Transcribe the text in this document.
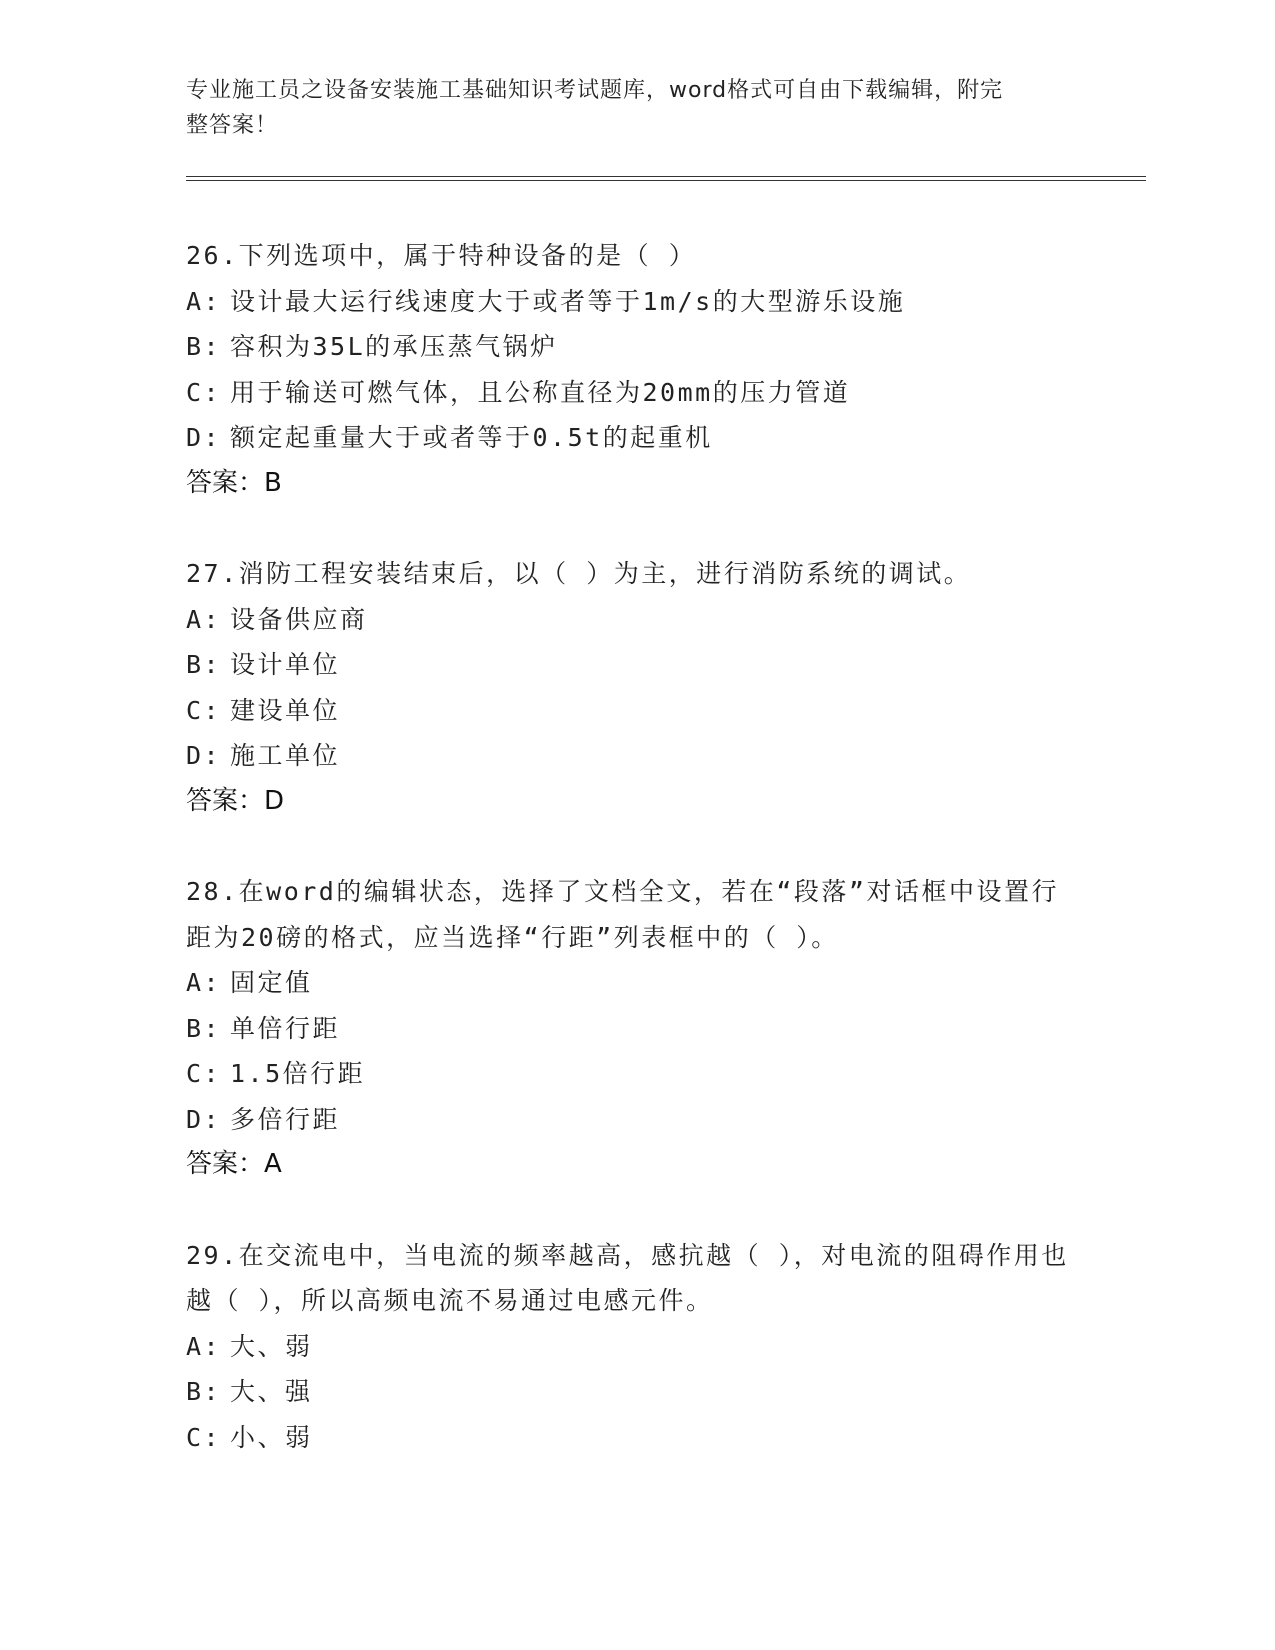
专业施工员之设备安装施工基础知识考试题库，word格式可自由下载编辑，附完
整答案！
26.下列选项中，属于特种设备的是（ ）
A: 设计最大运行线速度大于或者等于1m/s的大型游乐设施
B: 容积为35L的承压蒸气锅炉
C: 用于输送可燃气体，且公称直径为20mm的压力管道
D: 额定起重量大于或者等于0.5t的起重机
答案：B
27.消防工程安装结束后，以（ ）为主，进行消防系统的调试。
A: 设备供应商
B: 设计单位
C: 建设单位
D: 施工单位
答案：D
28.在word的编辑状态，选择了文档全文，若在“段落”对话框中设置行距为20磅的格式，应当选择“行距”列表框中的（ ）。
A: 固定值
B: 单倍行距
C: 1.5倍行距
D: 多倍行距
答案：A
29.在交流电中，当电流的频率越高，感抗越（ ），对电流的阻碍作用也越（ ），所以高频电流不易通过电感元件。
A: 大、弱
B: 大、强
C: 小、弱
